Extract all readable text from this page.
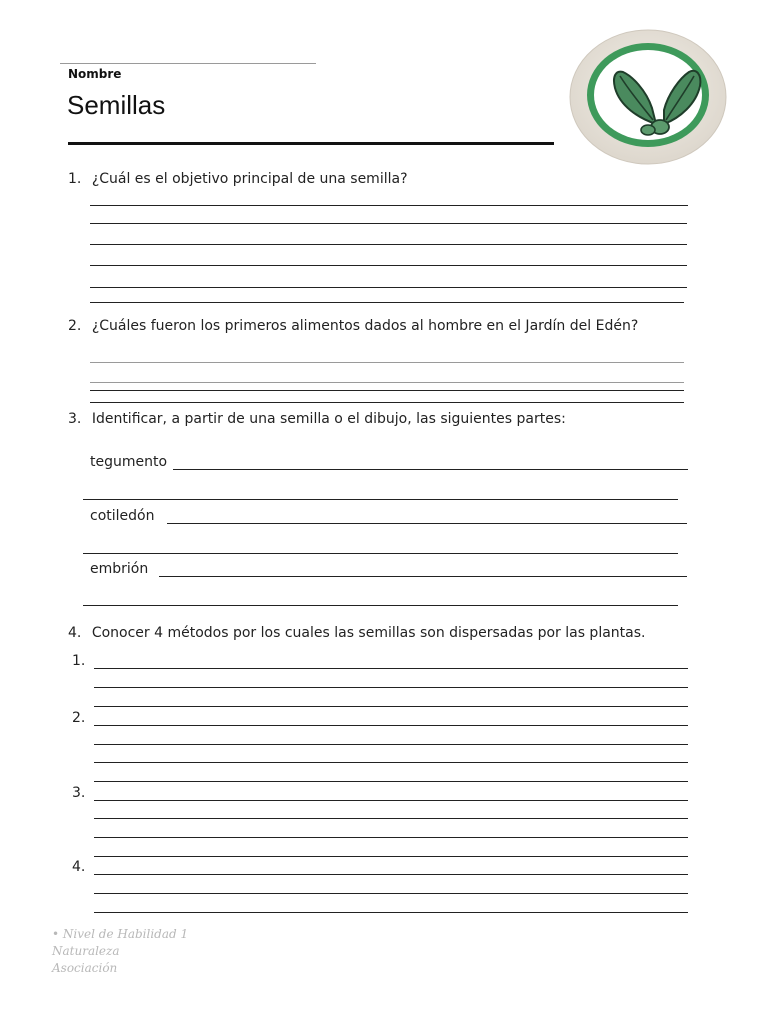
Nombre
Semillas
1. ¿Cuál es el objetivo principal de una semilla?
2. ¿Cuáles fueron los primeros alimentos dados al hombre en el Jardín del Edén?
3. Identificar, a partir de una semilla o el dibujo, las siguientes partes:
tegumento
cotiledón
embrión
4. Conocer 4 métodos por los cuales las semillas son dispersadas por las plantas.
1.
2.
3.
4.
• Nivel de Habilidad 1
Naturaleza
Asociación
